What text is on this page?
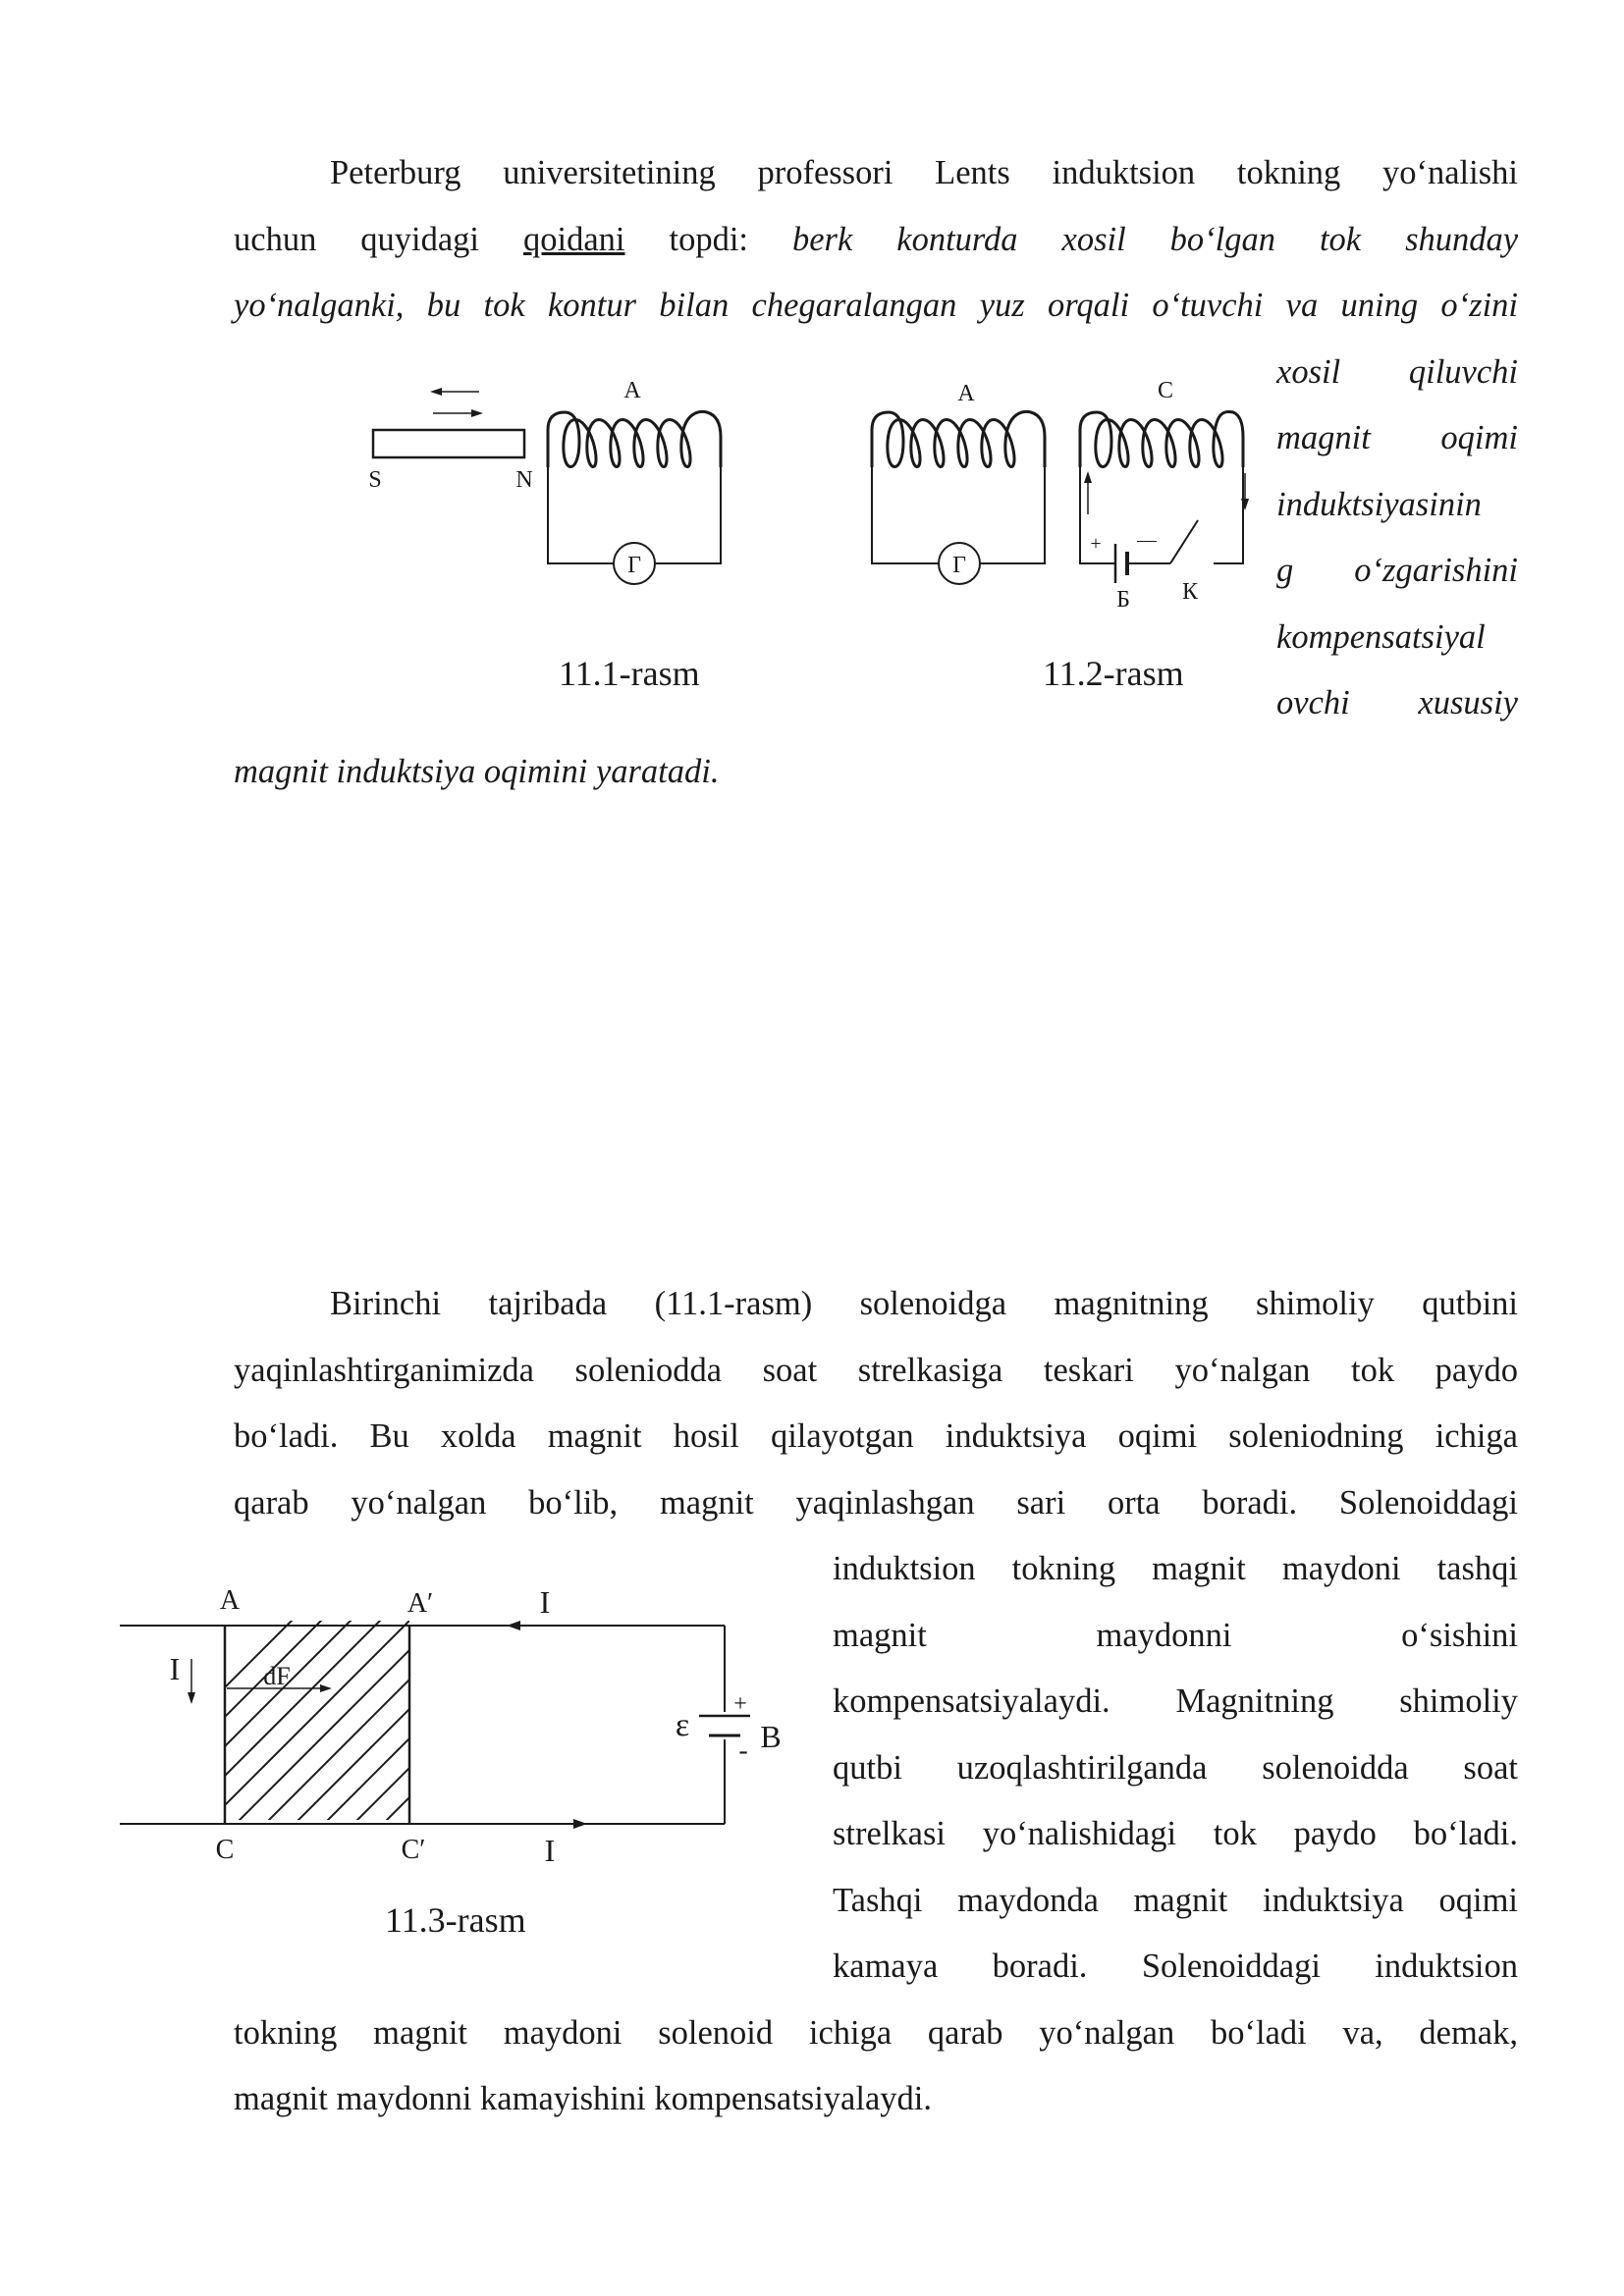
Peterburg universitetining professori Lents induktsion tokning yo‘nalishi
uchun quyidagi qoidani topdi: berk konturda xosil bo‘lgan tok shunday
yo‘nalganki, bu tok kontur bilan chegaralangan yuz orqali o‘tuvchi va uning o‘zini
xosil qiluvchi
magnit oqimi
induktsiyasinin
g o‘zgarishini
kompensatsiyal
ovchi xususiy
magnit induktsiya oqimini yaratadi.
11.1-rasm	11.2-rasm
Birinchi tajribada (11.1-rasm) solenoidga magnitning shimoliy qutbini
yaqinlashtirganimizda soleniodda soat strelkasiga teskari yo‘nalgan tok paydo
bo‘ladi. Bu xolda magnit hosil qilayotgan induktsiya oqimi soleniodning ichiga
qarab yo‘nalgan bo‘lib, magnit yaqinlashgan sari orta boradi. Solenoiddagi
induktsion tokning magnit maydoni tashqi
magnit maydonni o‘sishini
kompensatsiyalaydi. Magnitning shimoliy
qutbi uzoqlashtirilganda solenoidda soat
strelkasi yo‘nalishidagi tok paydo bo‘ladi.
Tashqi maydonda magnit induktsiya oqimi
kamaya boradi. Solenoiddagi induktsion
tokning magnit maydoni solenoid ichiga qarab yo‘nalgan bo‘ladi va, demak,
magnit maydonni kamayishini kompensatsiyalaydi.
11.3-rasm
A
S	N
Г
A	C
Г
+ —
Б К
A	A′	I
I	dF
ε B
+
-
C	C′	I
